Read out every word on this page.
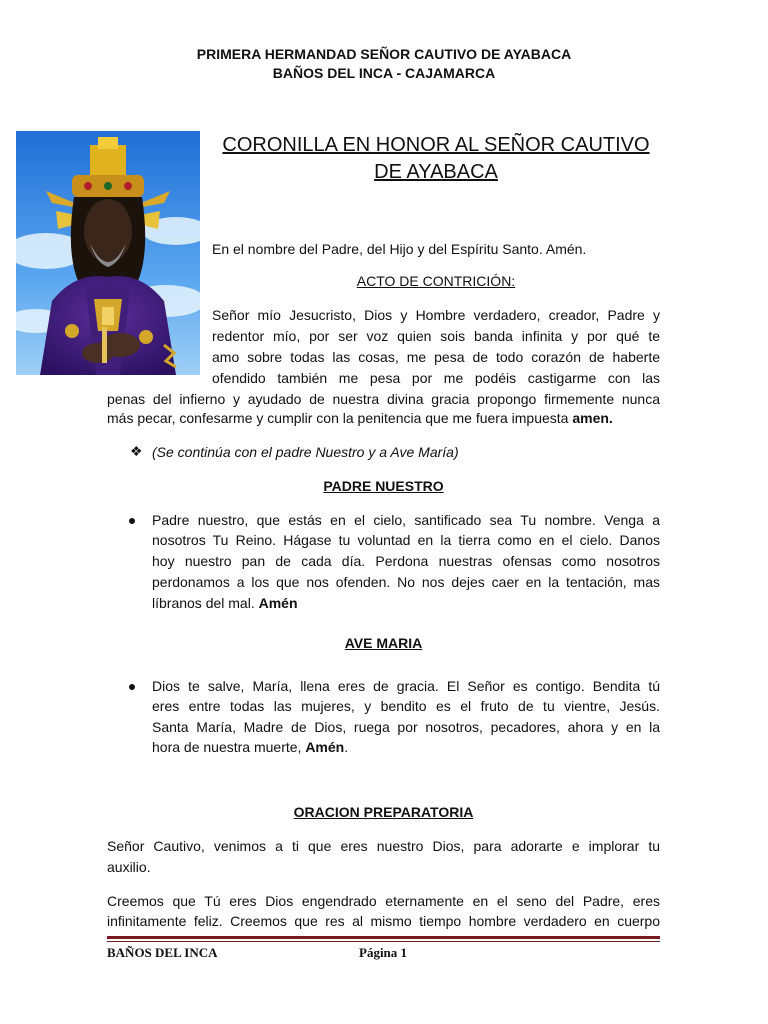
PRIMERA HERMANDAD SEÑOR CAUTIVO DE AYABACA
BAÑOS DEL INCA - CAJAMARCA
CORONILLA EN HONOR AL SEÑOR CAUTIVO
DE AYABACA
En el nombre del Padre, del Hijo y del Espíritu Santo. Amén.
ACTO DE CONTRICIÓN:
Señor mío Jesucristo, Dios y Hombre verdadero, creador, Padre y
redentor mío, por ser voz quien sois banda infinita y por qué te
amo sobre todas las cosas, me pesa de todo corazón de haberte
ofendido también me pesa por me podéis castigarme con las
penas del infierno y ayudado de nuestra divina gracia propongo firmemente nunca
más pecar, confesarme y cumplir con la penitencia que me fuera impuesta amen.
❖ (Se continúa con el padre Nuestro y a Ave María)
PADRE NUESTRO
Padre nuestro, que estás en el cielo, santificado sea Tu nombre. Venga a
nosotros Tu Reino. Hágase tu voluntad en la tierra como en el cielo. Danos
hoy nuestro pan de cada día. Perdona nuestras ofensas como nosotros
perdonamos a los que nos ofenden. No nos dejes caer en la tentación, mas
líbranos del mal. Amén
AVE MARIA
Dios te salve, María, llena eres de gracia. El Señor es contigo. Bendita tú
eres entre todas las mujeres, y bendito es el fruto de tu vientre, Jesús.
Santa María, Madre de Dios, ruega por nosotros, pecadores, ahora y en la
hora de nuestra muerte, Amén.
ORACION PREPARATORIA
Señor Cautivo, venimos a ti que eres nuestro Dios, para adorarte e implorar tu
auxilio.
Creemos que Tú eres Dios engendrado eternamente en el seno del Padre, eres
infinitamente feliz. Creemos que res al mismo tiempo hombre verdadero en cuerpo
BAÑOS DEL INCA	Página 1
